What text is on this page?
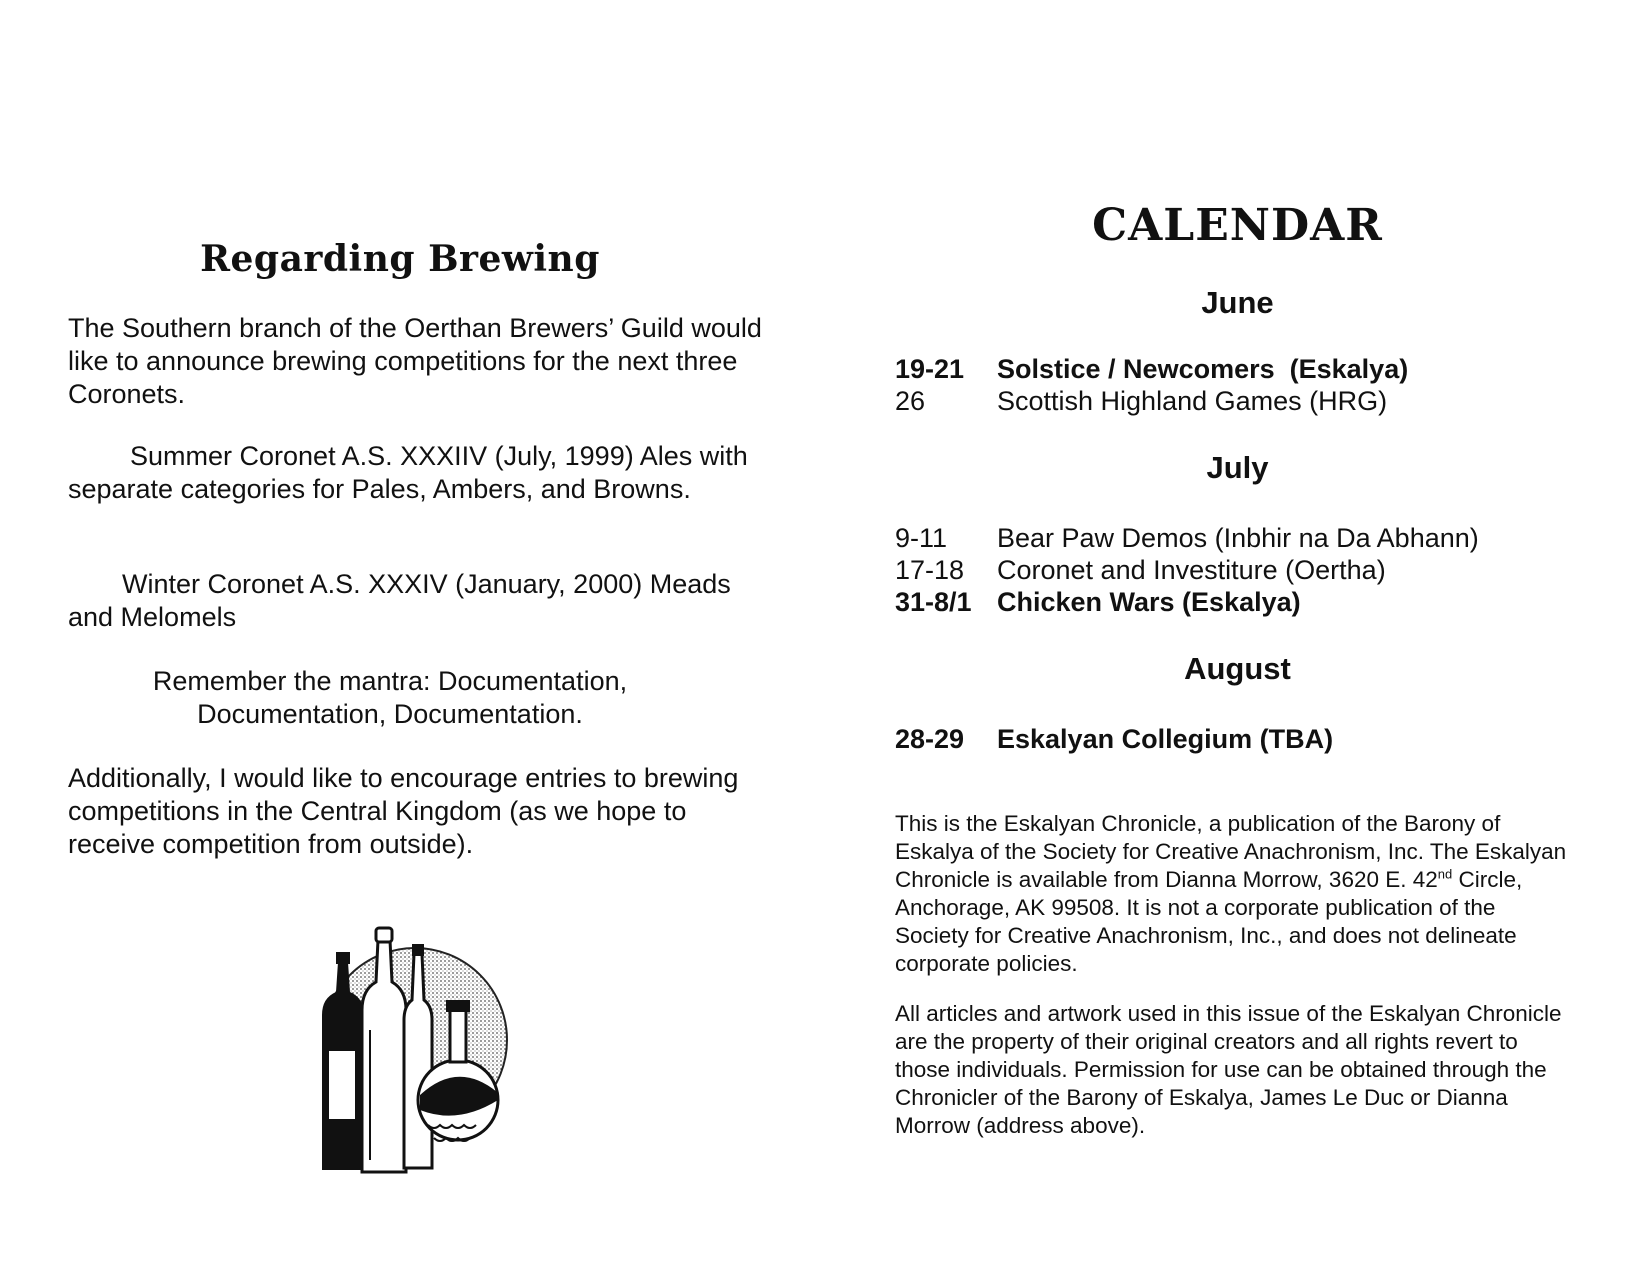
Regarding Brewing
The Southern branch of the Oerthan Brewers’ Guild would like to announce brewing competitions for the next three Coronets.
Summer Coronet A.S. XXXIIV (July, 1999) Ales with separate categories for Pales, Ambers, and Browns.
Winter Coronet A.S. XXXIV (January, 2000) Meads and Melomels
Remember the mantra: Documentation,
Documentation, Documentation.
Additionally, I would like to encourage entries to brewing competitions in the Central Kingdom (as we hope to receive competition from outside).
CALENDAR
June
19-21 Solstice / Newcomers  (Eskalya)
26	Scottish Highland Games (HRG)
July
9-11 Bear Paw Demos (Inbhir na Da Abhann)
17-18 Coronet and Investiture (Oertha)
31-8/1 Chicken Wars (Eskalya)
August
28-29 Eskalyan Collegium (TBA)
This is the Eskalyan Chronicle, a publication of the Barony of Eskalya of the Society for Creative Anachronism, Inc. The Eskalyan Chronicle is available from Dianna Morrow, 3620 E. 42nd Circle, Anchorage, AK 99508. It is not a corporate publication of the Society for Creative Anachronism, Inc., and does not delineate corporate policies.
All articles and artwork used in this issue of the Eskalyan Chronicle are the property of their original creators and all rights revert to those individuals. Permission for use can be obtained through the Chronicler of the Barony of Eskalya, James Le Duc or Dianna Morrow (address above).
